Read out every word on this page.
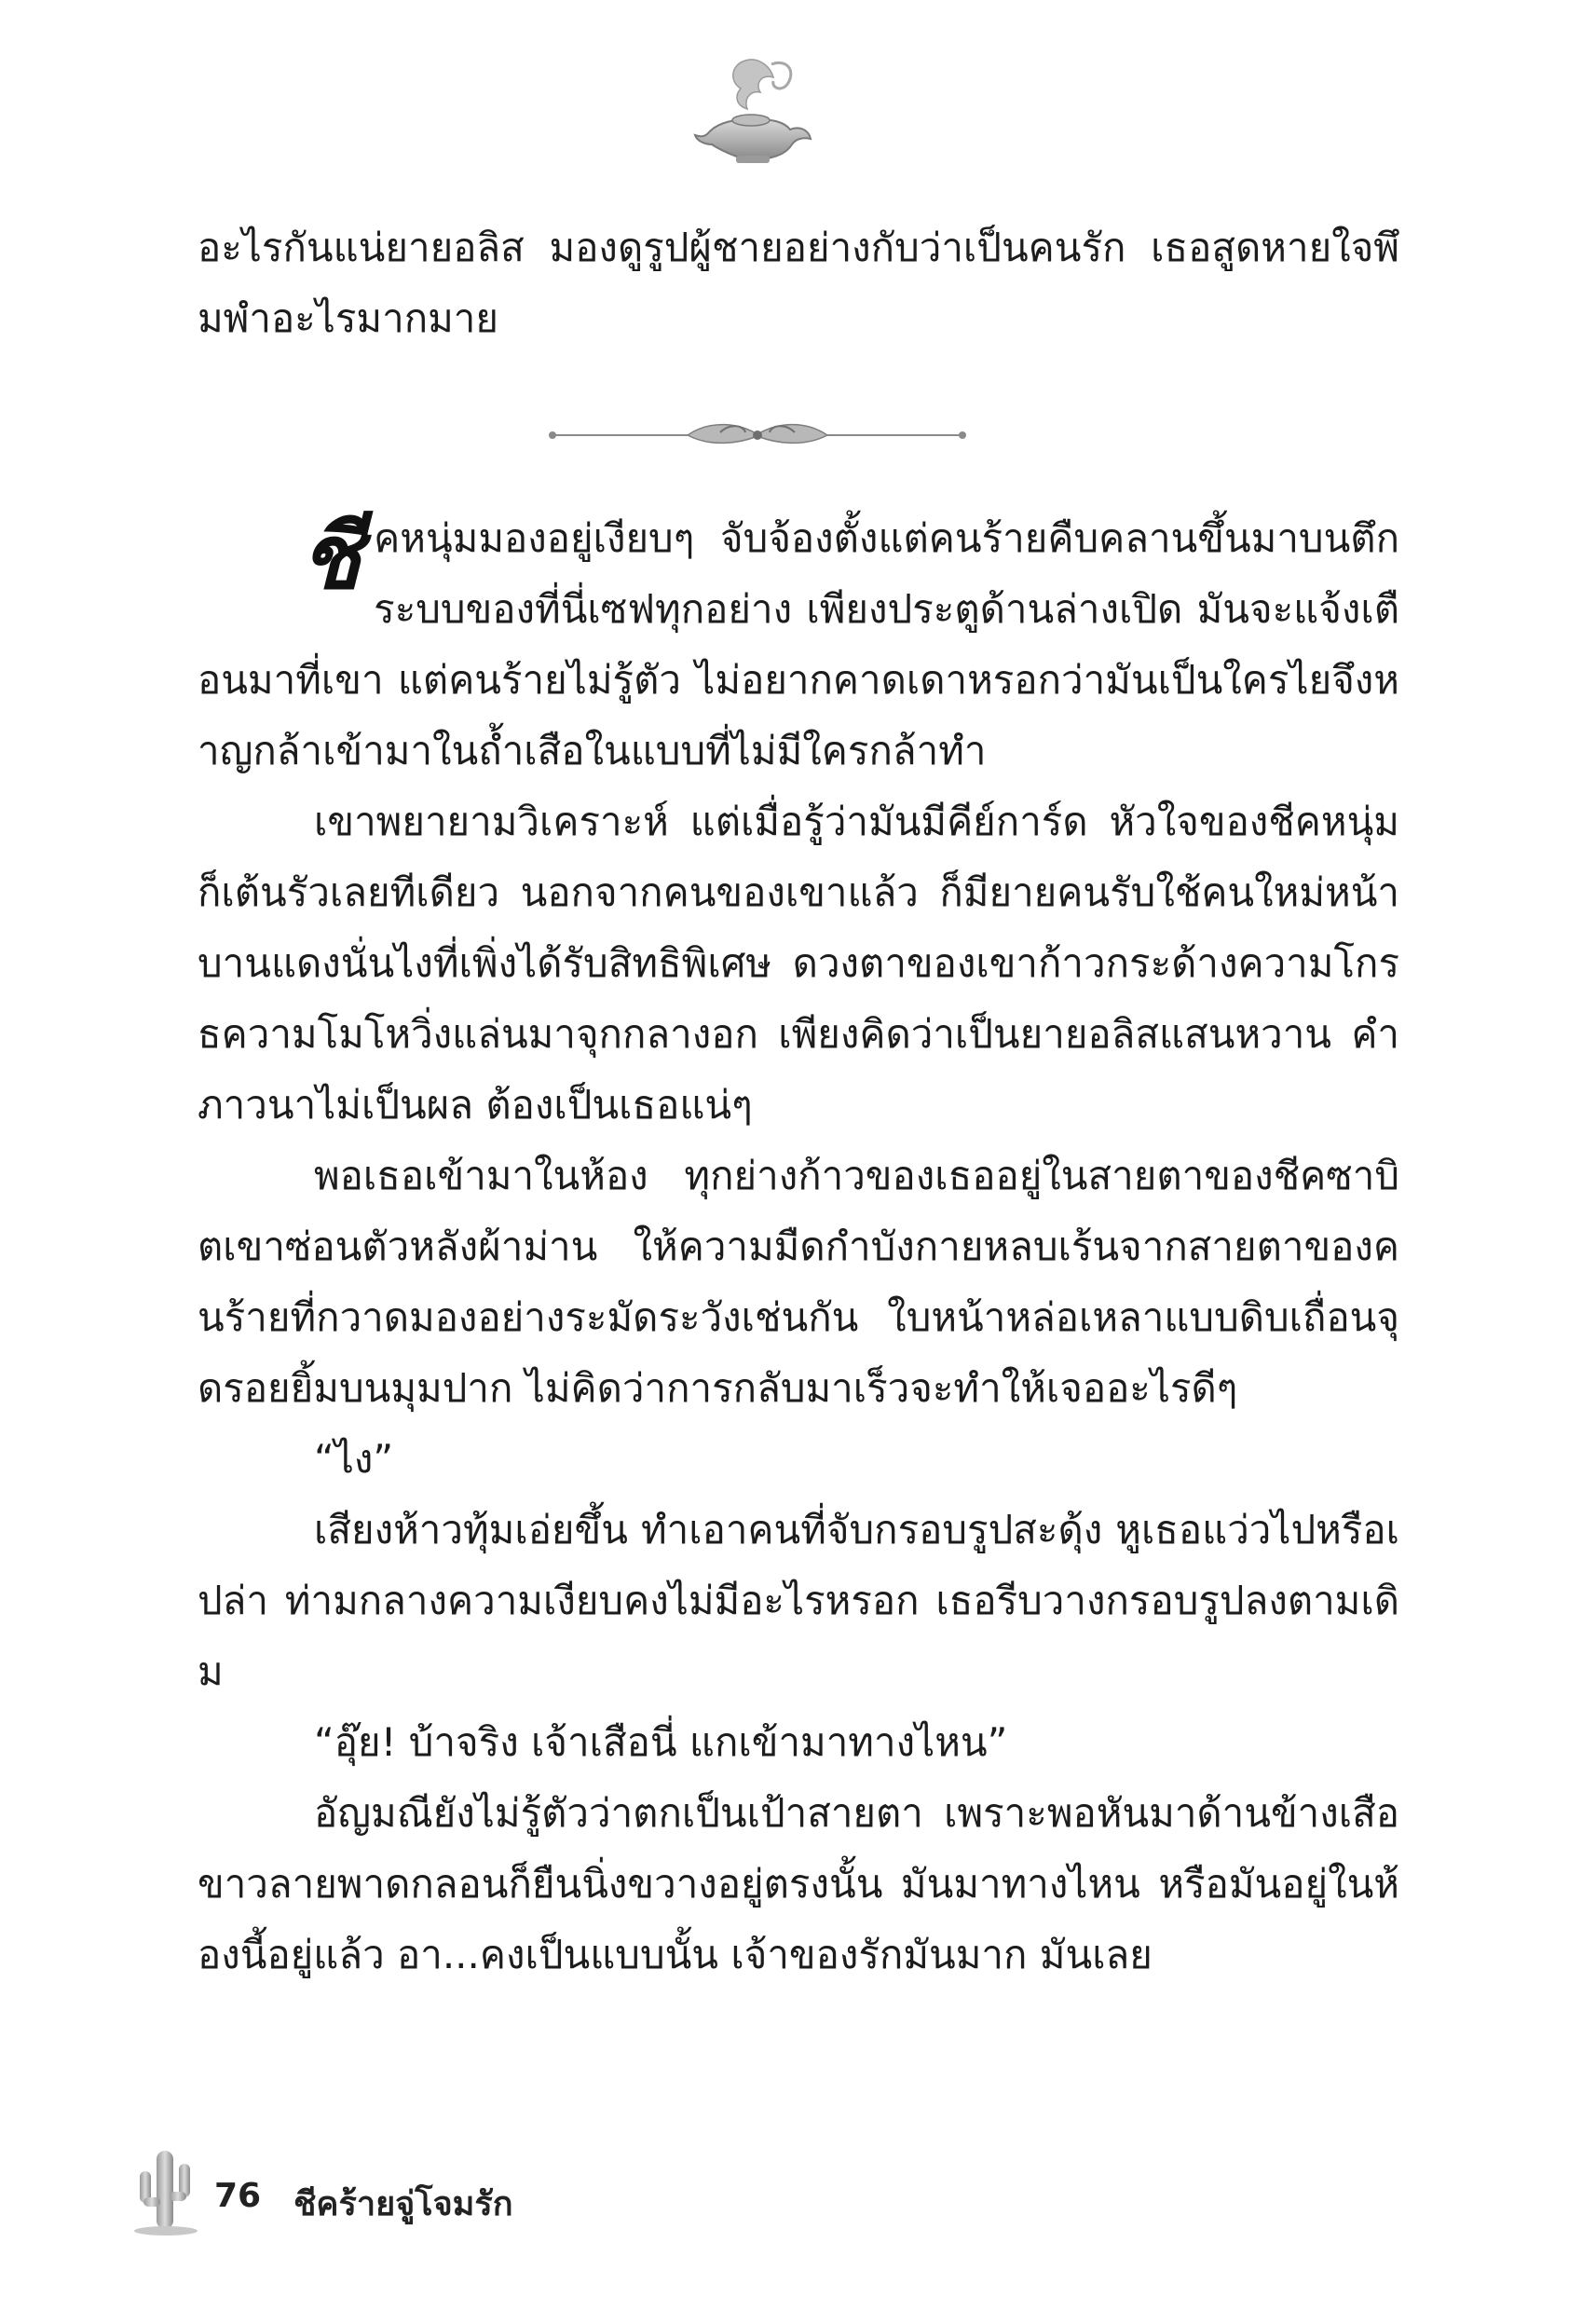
อะไรกันแน่ยายอลิส มองดูรูปผู้ชายอย่างกับว่าเป็นคนรัก เธอสูดหายใจพึมพำอะไรมากมาย

ชีคหนุ่มมองอยู่เงียบๆ จับจ้องตั้งแต่คนร้ายคืบคลานขึ้นมาบนตึก ระบบของที่นี่เซฟทุกอย่าง เพียงประตูด้านล่างเปิด มันจะแจ้งเตือนมาที่เขา แต่คนร้ายไม่รู้ตัว ไม่อยากคาดเดาหรอกว่ามันเป็นใครไยจึงหาญกล้าเข้ามาในถ้ำเสือในแบบที่ไม่มีใครกล้าทำ

เขาพยายามวิเคราะห์ แต่เมื่อรู้ว่ามันมีคีย์การ์ด หัวใจของชีคหนุ่มก็เต้นรัวเลยทีเดียว นอกจากคนของเขาแล้ว ก็มียายคนรับใช้คนใหม่หน้าบานแดงนั่นไงที่เพิ่งได้รับสิทธิพิเศษ ดวงตาของเขาก้าวกระด้างความโกรธความโมโหวิ่งแล่นมาจุกกลางอก เพียงคิดว่าเป็นยายอลิสแสนหวาน คำภาวนาไม่เป็นผล ต้องเป็นเธอแน่ๆ

พอเธอเข้ามาในห้อง ทุกย่างก้าวของเธออยู่ในสายตาของชีคซาบิตเขาซ่อนตัวหลังผ้าม่าน ให้ความมืดกำบังกายหลบเร้นจากสายตาของคนร้ายที่กวาดมองอย่างระมัดระวังเช่นกัน ใบหน้าหล่อเหลาแบบดิบเถื่อนจุดรอยยิ้มบนมุมปาก ไม่คิดว่าการกลับมาเร็วจะทำให้เจออะไรดีๆ

“ไง”

เสียงห้าวทุ้มเอ่ยขึ้น ทำเอาคนที่จับกรอบรูปสะดุ้ง หูเธอแว่วไปหรือเปล่า ท่ามกลางความเงียบคงไม่มีอะไรหรอก เธอรีบวางกรอบรูปลงตามเดิม

“อุ๊ย! บ้าจริง เจ้าเสือนี่ แกเข้ามาทางไหน”

อัญมณียังไม่รู้ตัวว่าตกเป็นเป้าสายตา เพราะพอหันมาด้านข้างเสือขาวลายพาดกลอนก็ยืนนิ่งขวางอยู่ตรงนั้น มันมาทางไหน หรือมันอยู่ในห้องนี้อยู่แล้ว อา...คงเป็นแบบนั้น เจ้าของรักมันมาก มันเลย

76 ชีคร้ายจู่โจมรัก
